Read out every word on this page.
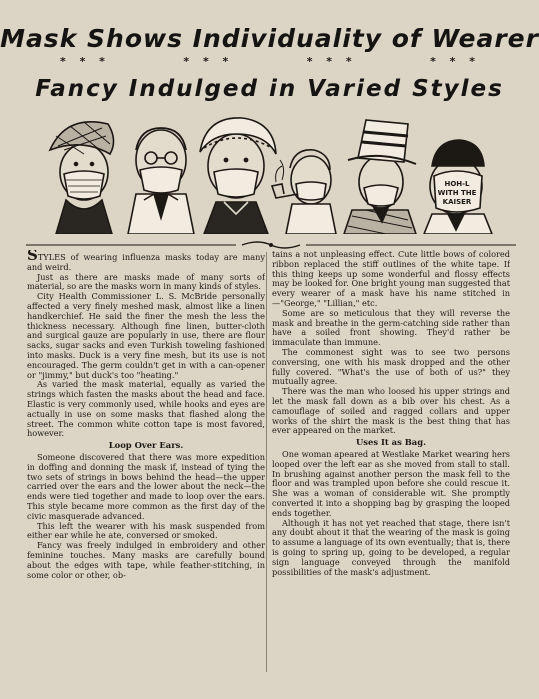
Mask Shows Individuality of Wearer
* * *	* * *	* * *	* * *
Fancy Indulged in Varied Styles
HOH-L
WITH THE
KAISER

STYLES of wearing influenza masks today are many and weird.

Just as there are masks made of many sorts of material, so are the masks worn in many kinds of styles.

City Health Commissioner L. S. McBride personally affected a very finely meshed mask, almost like a linen handkerchief. He said the finer the mesh the less the thickness necessary. Although fine linen, butter-cloth and surgical gauze are popularly in use, there are flour sacks, sugar sacks and even Turkish toweling fashioned into masks. Duck is a very fine mesh, but its use is not encouraged. The germ couldn't get in with a can-opener or "jimmy," but duck's too "heating."

As varied the mask material, equally as varied the strings which fasten the masks about the head and face. Elastic is very commonly used, while hooks and eyes are actually in use on some masks that flashed along the street. The common white cotton tape is most favored, however.

Loop Over Ears.

Someone discovered that there was more expedition in doffing and donning the mask if, instead of tying the two sets of strings in bows behind the head—the upper carried over the ears and the lower about the neck—the ends were tied together and made to loop over the ears. This style became more common as the first day of the civic masquerade advanced.

This left the wearer with his mask suspended from either ear while he ate, conversed or smoked.

Fancy was freely indulged in embroidery and other feminine touches. Many masks are carefully bound about the edges with tape, while feather-stitching, in some color or other, ob-

tains a not unpleasing effect. Cute little bows of colored ribbon replaced the stiff outlines of the white tape. If this thing keeps up some wonderful and flossy effects may be looked for. One bright young man suggested that every wearer of a mask have his name stitched in—"George," "Lillian," etc.

Some are so meticulous that they will reverse the mask and breathe in the germ-catching side rather than have a soiled front showing. They'd rather be immaculate than immune.

The commonest sight was to see two persons conversing, one with his mask dropped and the other fully covered. "What's the use of both of us?" they mutually agree.

There was the man who loosed his upper strings and let the mask fall down as a bib over his chest. As a camouflage of soiled and ragged collars and upper works of the shirt the mask is the best thing that has ever appeared on the market.

Uses It as Bag.

One woman apeared at Westlake Market wearing hers looped over the left ear as she moved from stall to stall. In brushing against another person the mask fell to the floor and was trampled upon before she could rescue it. She was a woman of considerable wit. She promptly converted it into a shopping bag by grasping the looped ends together.

Although it has not yet reached that stage, there isn't any doubt about it that the wearing of the mask is going to assume a language of its own eventually; that is, there is going to spring up, going to be developed, a regular sign language conveyed through the manifold possibilities of the mask's adjustment.
